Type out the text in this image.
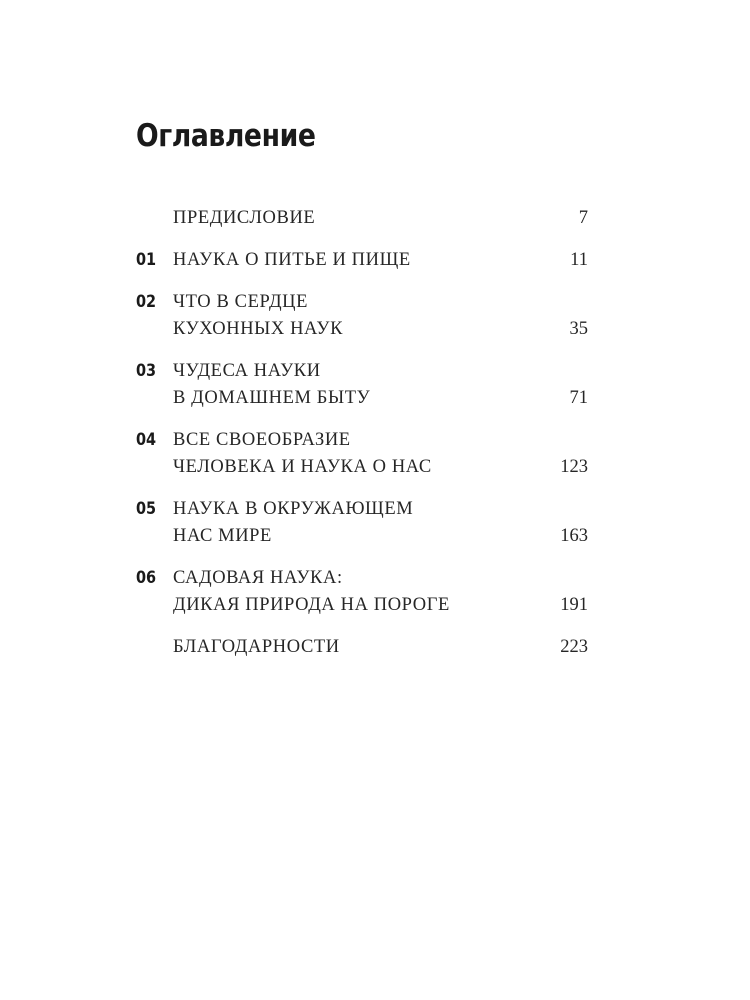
Оглавление
ПРЕДИСЛОВИЕ	7
01 НАУКА О ПИТЬЕ И ПИЩЕ	11
02 ЧТО В СЕРДЦЕ
КУХОННЫХ НАУК	35
03 ЧУДЕСА НАУКИ
В ДОМАШНЕМ БЫТУ	71
04 ВСЕ СВОЕОБРАЗИЕ
ЧЕЛОВЕКА И НАУКА О НАС	123
05 НАУКА В ОКРУЖАЮЩЕМ
НАС МИРЕ	163
06 САДОВАЯ НАУКА:
ДИКАЯ ПРИРОДА НА ПОРОГЕ	191
БЛАГОДАРНОСТИ	223
